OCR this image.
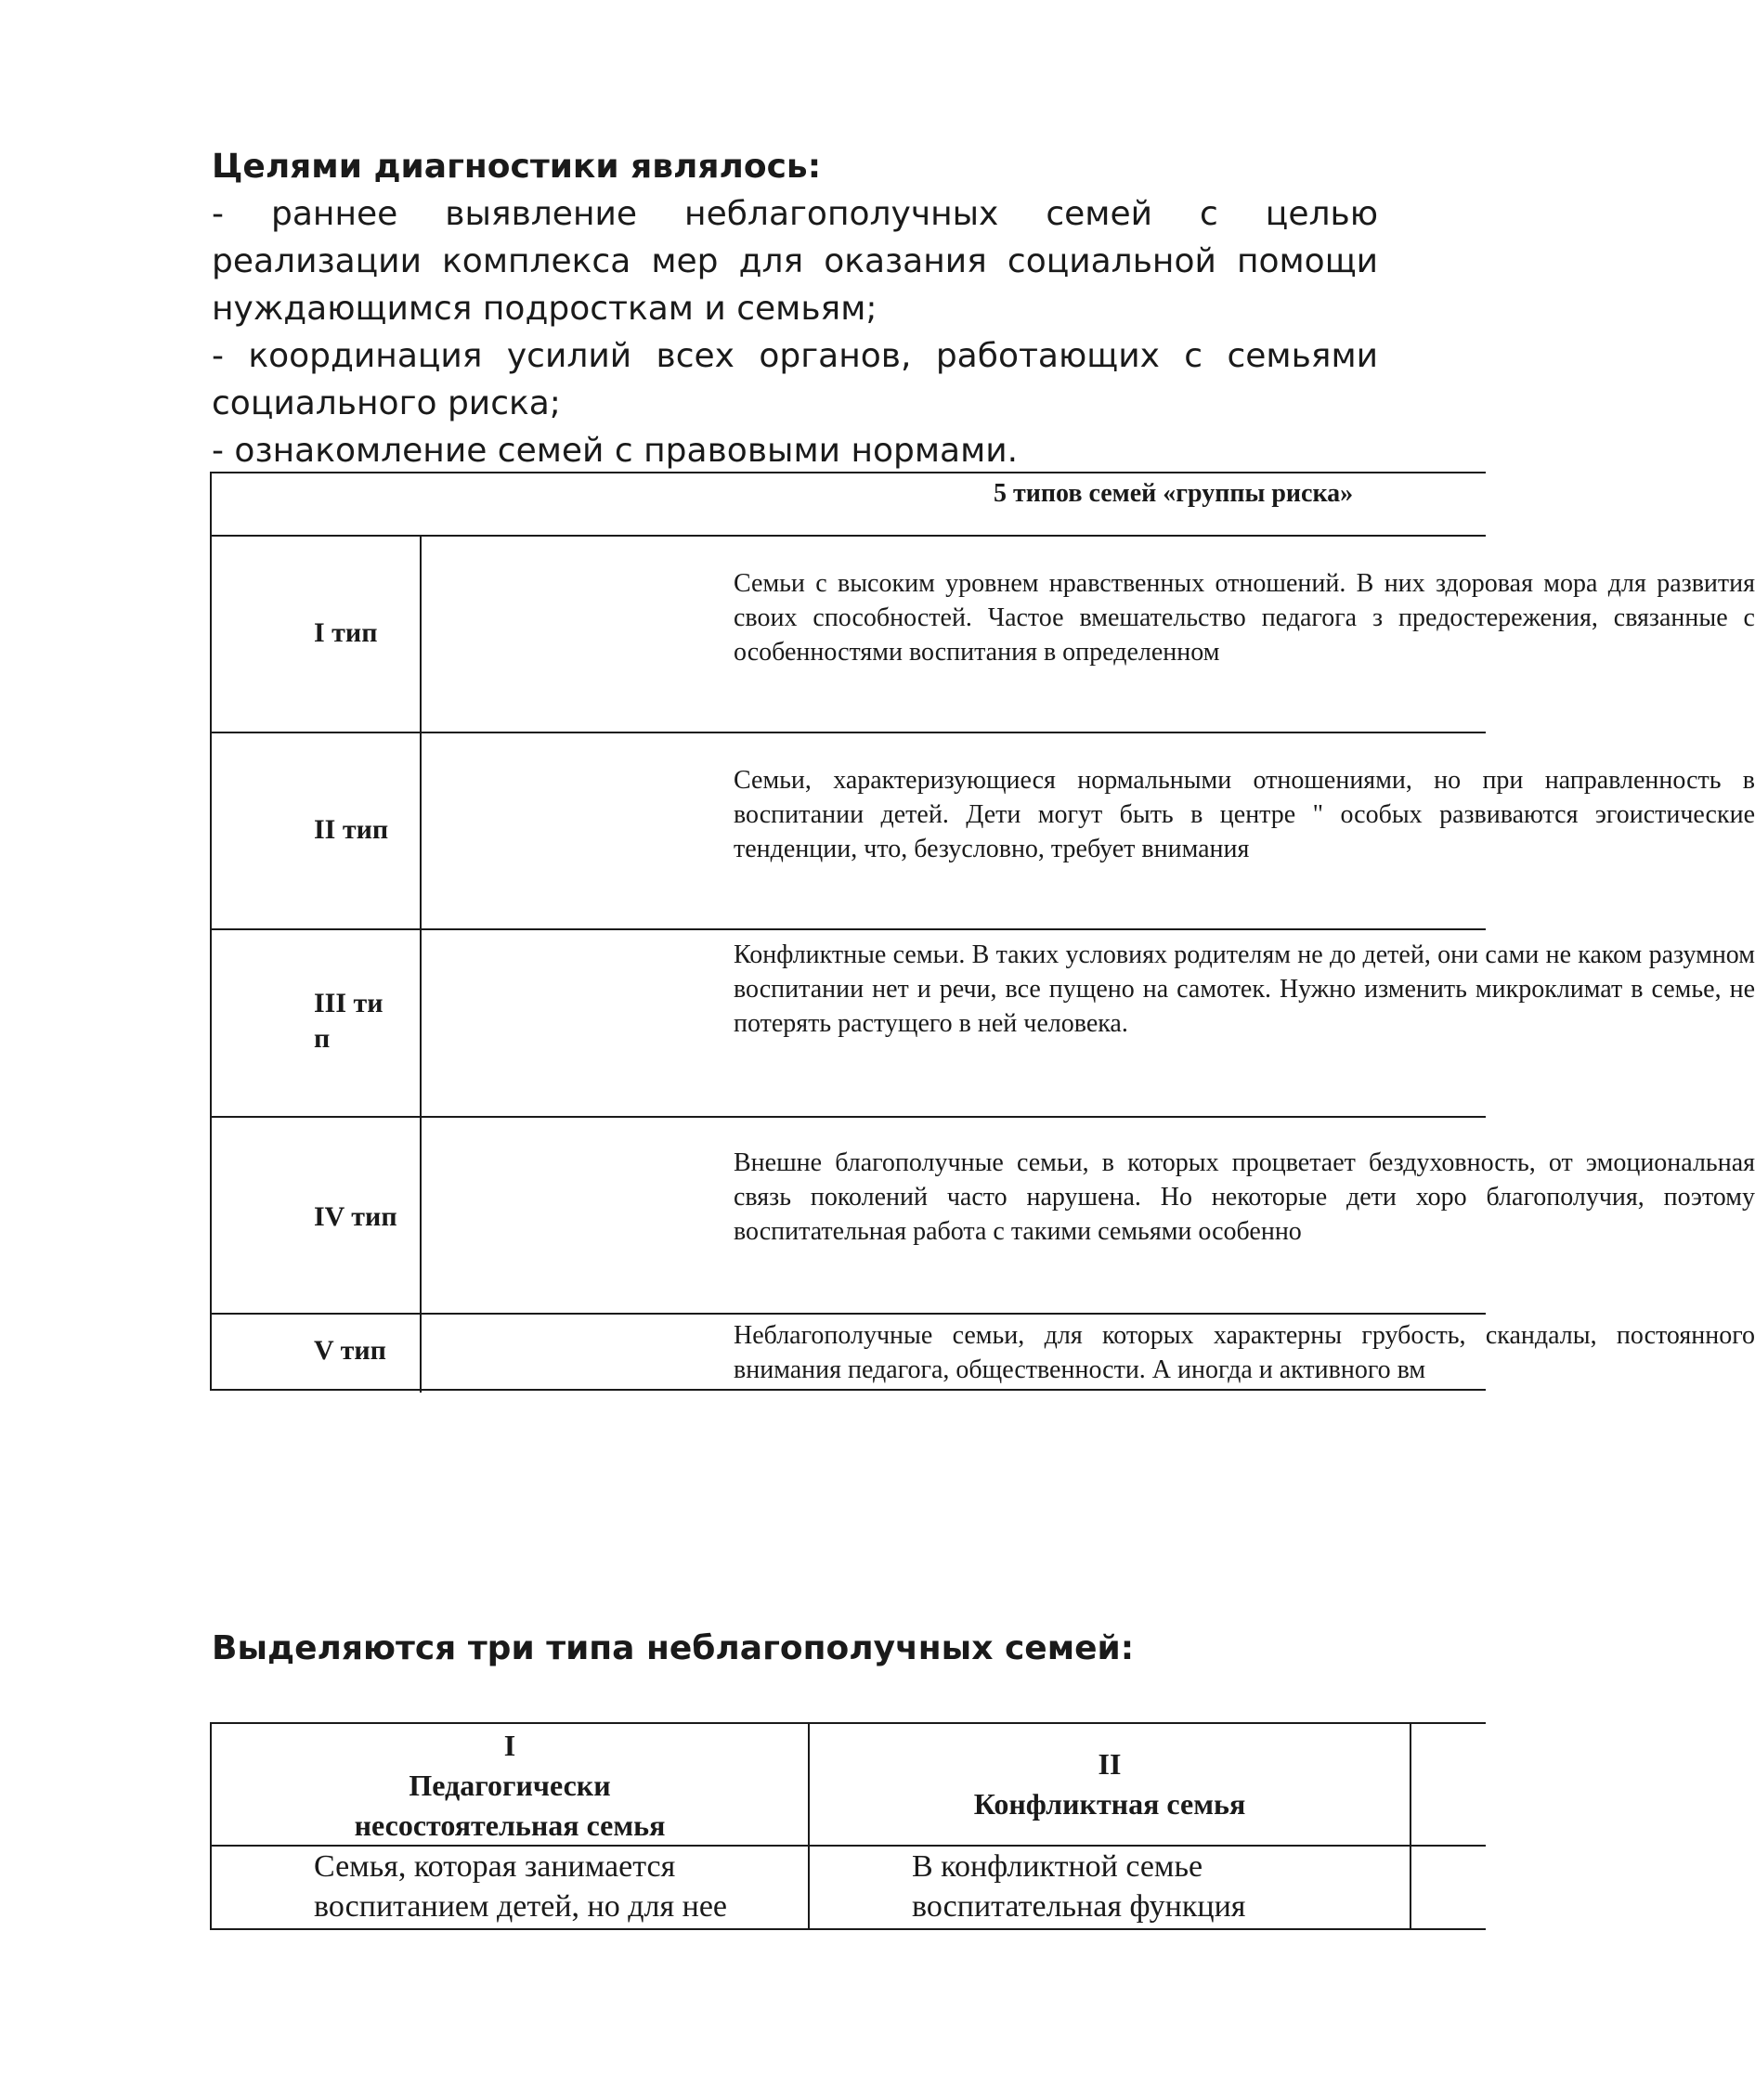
Целями диагностики являлось:

- раннее выявление неблагополучных семей с целью реализации комплекса мер для оказания социальной помощи нуждающимся подросткам и семьям;

- координация усилий всех органов, работающих с семьями социального риска;

- ознакомление семей с правовыми нормами.

5 типов семей «группы риска»
I тип

Семьи с высоким уровнем нравственных отношений. В них здоровая мора для развития своих способностей. Частое вмешательство педагога з предостережения, связанные с особенностями воспитания в определенном

II тип

Семьи, характеризующиеся нормальными отношениями, но при направленность в воспитании детей. Дети могут быть в центре " особых развиваются эгоистические тенденции, что, безусловно, требует внимания

III ти п

Конфликтные семьи. В таких условиях родителям не до детей, они сами не каком разумном воспитании нет и речи, все пущено на самотек. Нужно изменить микроклимат в семье, не потерять растущего в ней человека.

IV тип

Внешне благополучные семьи, в которых процветает бездуховность, от эмоциональная связь поколений часто нарушена. Но некоторые дети хоро благополучия, поэтому воспитательная работа с такими семьями особенно

V тип	Неблагополучные семьи, для которых характерны грубость, скандалы, постоянного внимания педагога, общественности. А иногда и активного вм

Выделяются три типа неблагополучных семей:
I
Педагогически
несостоятельная семья
II
Конфликтная семья
Семья, которая занимается
воспитанием детей, но для нее
В конфликтной семье
воспитательная функция
